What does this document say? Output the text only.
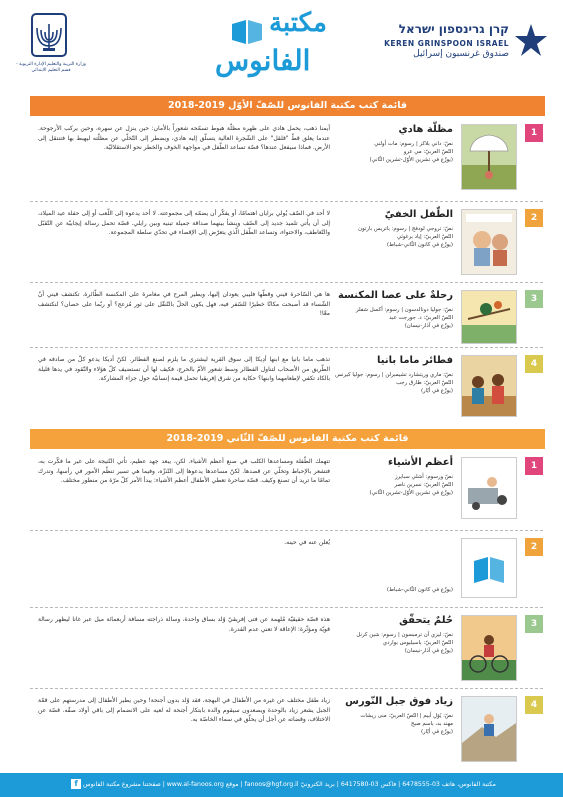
وزارة التربية والتعليم الإدارة التربوية - قسم التعليم الابتدائي
مكتبة
الفانوس
קרן גרינספון ישראל
KEREN GRINSPOON ISRAEL
صندوق غرنسبون إسرائيل
قائمة كتب مكتبة الفانوس للصّفّ الأوّل 2019-2018
1
مظلّة هادي
نصّ: داني بلاكر | رسوم: مات أولني
النّصّ العربيّ: مي عرو
(يوزّع في تشرين الأوّل-تشرين الثّاني)
أيمنا ذهب، يحمل هادي على ظهره مظلّة هبوط تسمّحه شعوراً بالأمان: حين ينزل عن سهره، وحين يركب الأرجوحة. عندما يعلق قطّ "قلقل" على الشّجرة العالية يتسلّق إليه هادي، ويضطر إلى التّخلّي عن مظلّته ليهبط بها فتنتقل إلى الأرض. فماذا سيفعل عندها؟ قصّة تساعد الطّفل في مواجهة الخوف والخطر نحو الاستقلاليّة.
2
الطّفل الخفيّ
نصّ: تروجي لودفج | رسوم: باتريس بارتون
النّصّ العربيّ: إياد برغوثي
(يوزّع في كانون الثّاني-شباط)
لا أحد في الصّف يُولي برايان اهتمامًا، أو يفكّر أن يضمّه إلى مجموعته. لا أحد يدعوه إلى اللّعب أو إلى حفلة عيد الميلاد، إلى أن يأتي تلميذ جديد إلى الصّف وينشأ بينهما صداقة جميلة تبنيه وبين رايلي. قصّة تحمل رسالة إيجابيّة عن التّقبّل والتّعاطف، والاحتواء، وتساعد الطّفل الّذي يتعرّض إلى الإقصاء في تحدّي سلطة المجموعة.
3
رحلةٌ على عصا المكنسة
نصّ: جوليا دونالدسون | رسوم: أكسل شفلر
النّصّ العربيّ: د. جورجت عبد
(يوزّع في آذار-نيسان)
ها هي السّاحرة فيني وقطّها فليبي يعودان إليها، ويطير المرح في مغامرة على المكنسة الطّائرة. تكتشف فيني أنّ الشّساء قد أصبحت مكانًا خطيرًا للسّفر فيه، فهل يكون الحلّ بالتّنقّل على ثور مُزعج؟ أو ربّما على حصان؟ لنكتشف معًا!
4
فطائر ماما بانيا
نصّ: ماري وريتشارد تشيمبرلن | رسوم: جوليا كيرنس
النّصّ العربيّ: طارق رجب
(يوزّع في أيّار)
تذهب ماما بانيا مع ابنها أدِيكا إلى سوق القرية ليشتري ما يلزم لصنع الفطائر. لكنّ أديكا يدعو كلّ من صادفه في الطّريق من الأصحاب لتناول الفطائر وسط شعور الأمّ بالحرج، فكيف لها أن تستضيف كلّ هؤلاء والنّقود في يدها قليلة بالكاد تكفي لإطعامهما وابنها؟ حكاية من شرق إفريقيا تحمل قيمة إنسانيّة حول جزاء المشاركة.
قائمة كتب مكتبة الفانوس للصّفّ الثّاني 2019-2018
1
أعظم الأشياء
نصّ ورسوم: أشلي سبايرز
النّصّ العربيّ: نسرين ناصر
(يوزّع في تشرين الأوّل-تشرين الثّاني)
تتهمك الطّفلة ومساعدها الكلب في صنع أعظم الأشياء. لكن، يبعد جهد عظيم، تأتي النّتيجة على غير ما فكّرت به، فتشعر بالإحباط وتخلّي عن قصدها. لكنّ مساعدها يدعوها إلى التّنزّه، وفيما هي تسير تنظّم الأمور في رأسها، وتدرك تمامًا ما تريد أن تصنع وكيف. قصّة ساحرة تعطي الأطفال أعظم الأشياء: يبدأ الأمر كلّ مرّة من منظور مختلف.
2
(يوزّع في كانون الثّاني-شباط)
يُعلن عنه في حينه.
3
حُلمٌ يتحقّق
نصّ: ليزي آن ترمبسون | رسوم: شين كرنل
النّصّ العربيّ: باسيليوس بواردي
(يوزّع في آذار-نيسان)
هذه قصّة حقيقيّة مُلهمة عن فتى إفريقيّ وُلد بساق واحدة، وسالة ذراجته مسافة أربعمائة ميل عبر غانا ليظهر رسالة قويّة ومؤثّرة: الإعاقة لا تعني عدم القدرة.
4
زياد فوق جبل النّورس
نصّ: يُوَلِ أبيم | النّصّ العربيّ: منى ريشات
مهند بد، باسم صبح
(يوزّع في أيّار)
زياد طفل مختلف عن غيره من الأطفال في البهجة، فقد وُلد بدون أجنحة! وحين يطير الأطفال إلى مدرستهم على قمّة الجبل يشعر زياد بالوحدة ويصعدون سيقوم والده بابتكار أجنحة له لعيه على الانضمام إلى باقي أولاد صفّه. قصّة عن الاختلاف، وقضاته عن أجل أن يحلّق في سماء الخاصّة به.
مكتبة الفانوس، هاتف 03-6478555 | فاكس 03-6417580 | بريد الكترونيّ fanoos@hgf.org.il | موقع www.al-fanoos.org | صفحتنا مشروع مكتبة الفانوس f
